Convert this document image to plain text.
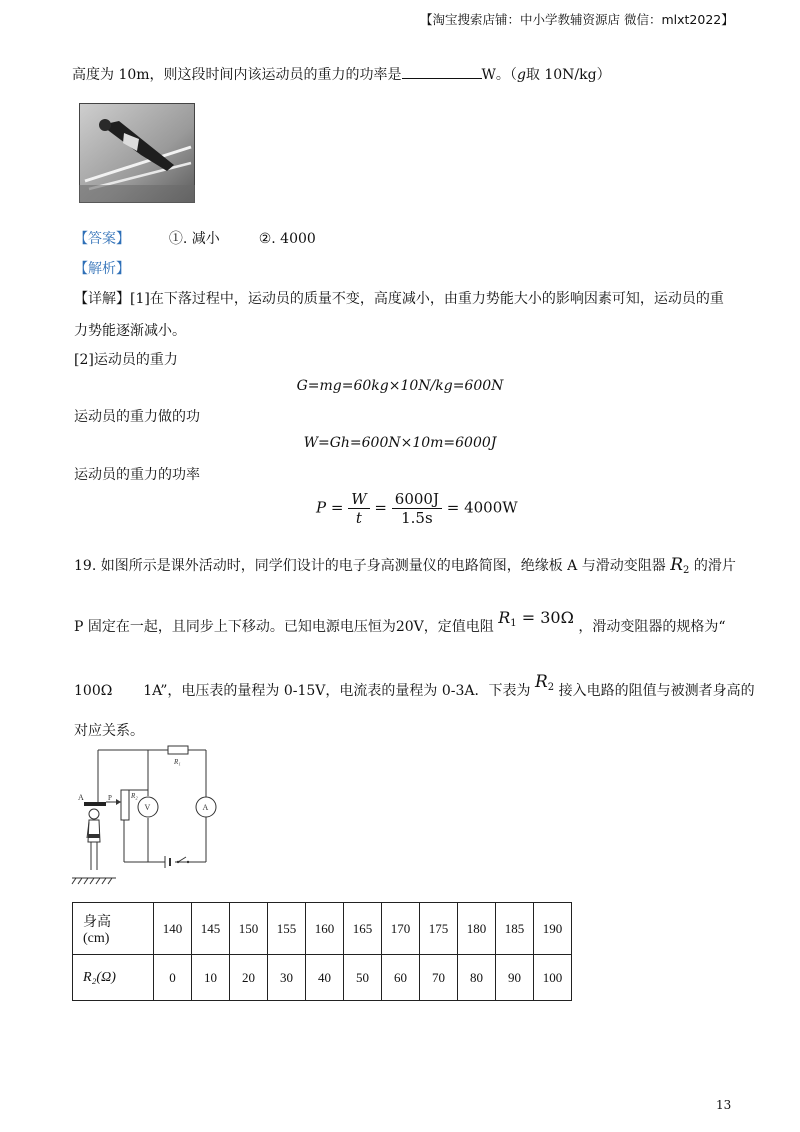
【淘宝搜索店铺：中小学教辅资源店 微信：mlxt2022】
高度为 10m，则这段时间内该运动员的重力的功率是	W。（g取 10N/kg）
【答案】	①. 减小	②. 4000
【解析】
【详解】[1]在下落过程中，运动员的质量不变，高度减小，由重力势能大小的影响因素可知，运动员的重
力势能逐渐减小。
[2]运动员的重力
G=mg=60kg×10N/kg=600N
运动员的重力做的功
W=Gh=600N×10m=6000J
运动员的重力的功率
$P = \frac{W}{t} = \frac{6000J}{1.5s} = 4000W$
19. 如图所示是课外活动时，同学们设计的电子身高测量仪的电路简图，绝缘板 A 与滑动变阻器 $R_2$ 的滑片
P 固定在一起，且同步上下移动。已知电源电压恒为20V，定值电阻 $R_1 = 30\Omega$ ，滑动变阻器的规格为“
100Ω 1A”，电压表的量程为 0-15V，电流表的量程为 0-3A．下表为 $R_2$ 接入电路的阻值与被测者身高的
对应关系。
R₁
R₂
P
V	A
A
身高
(cm)	140	145	150	155	160	165	170	175	180	185	190
R₂(Ω)	0	10	20	30	40	50	60	70	80	90	100
13
